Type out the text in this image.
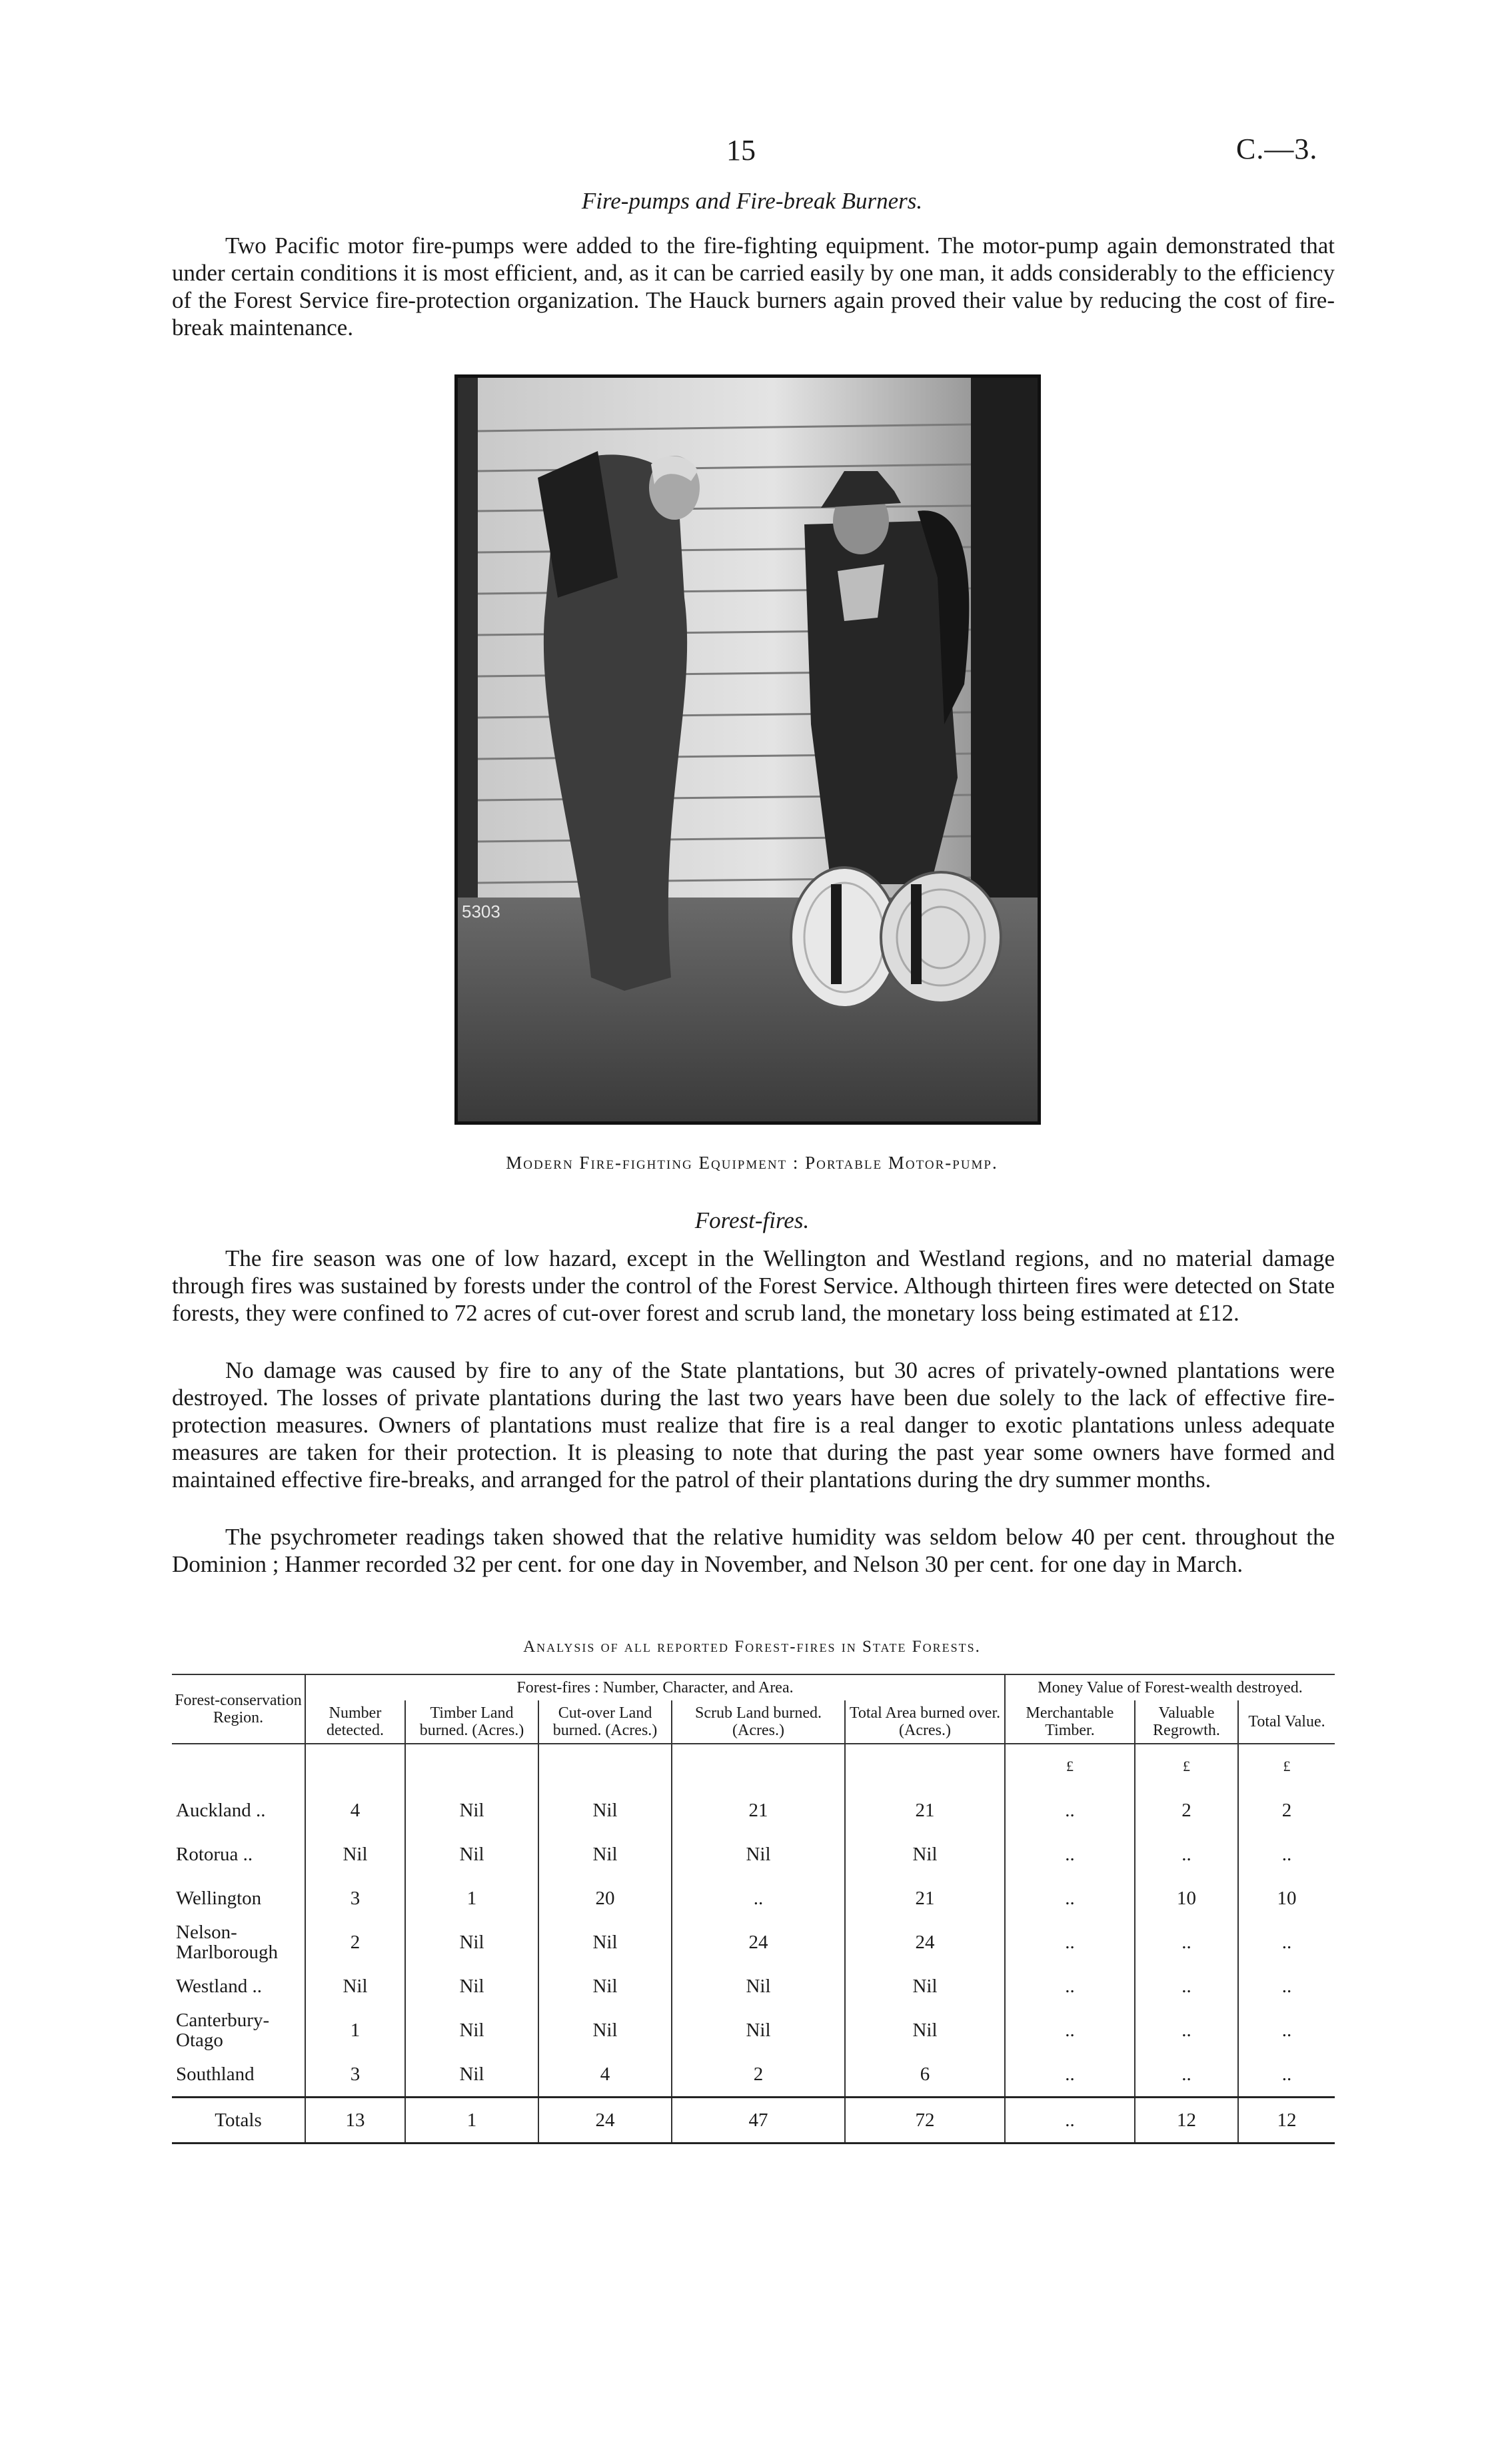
15	C.—3.
Fire-pumps and Fire-break Burners.

Two Pacific motor fire-pumps were added to the fire-fighting equipment. The motor-pump again demonstrated that under certain conditions it is most efficient, and, as it can be carried easily by one man, it adds considerably to the efficiency of the Forest Service fire-protection organization. The Hauck burners again proved their value by reducing the cost of fire-break maintenance.

5303
Modern Fire-fighting Equipment : Portable Motor-pump.
Forest-fires.

The fire season was one of low hazard, except in the Wellington and Westland regions, and no material damage through fires was sustained by forests under the control of the Forest Service. Although thirteen fires were detected on State forests, they were confined to 72 acres of cut-over forest and scrub land, the monetary loss being estimated at £12.

No damage was caused by fire to any of the State plantations, but 30 acres of privately-owned plantations were destroyed. The losses of private plantations during the last two years have been due solely to the lack of effective fire-protection measures. Owners of plantations must realize that fire is a real danger to exotic plantations unless adequate measures are taken for their protection. It is pleasing to note that during the past year some owners have formed and maintained effective fire-breaks, and arranged for the patrol of their plantations during the dry summer months.

The psychrometer readings taken showed that the relative humidity was seldom below 40 per cent. throughout the Dominion ; Hanmer recorded 32 per cent. for one day in November, and Nelson 30 per cent. for one day in March.

Analysis of all reported Forest-fires in State Forests.
Forest-conservation Region.	Forest-fires : Number, Character, and Area.					Money Value of Forest-wealth destroyed.		
	Number detected.	Timber Land burned. (Acres.)	Cut-over Land burned. (Acres.)	Scrub Land burned. (Acres.)	Total Area burned over. (Acres.)	Merchantable Timber.	Valuable Regrowth.	Total Value.
						£	£	£
Auckland ..	4	Nil	Nil	21	21	..	2	2
Rotorua ..	Nil	Nil	Nil	Nil	Nil	..	..	..
Wellington	3	1	20	..	21	..	10	10
Nelson-Marlborough	2	Nil	Nil	24	24	..	..	..
Westland ..	Nil	Nil	Nil	Nil	Nil	..	..	..
Canterbury-Otago	1	Nil	Nil	Nil	Nil	..	..	..
Southland	3	Nil	4	2	6	..	..	..
Totals	13	1	24	47	72	..	12	12
